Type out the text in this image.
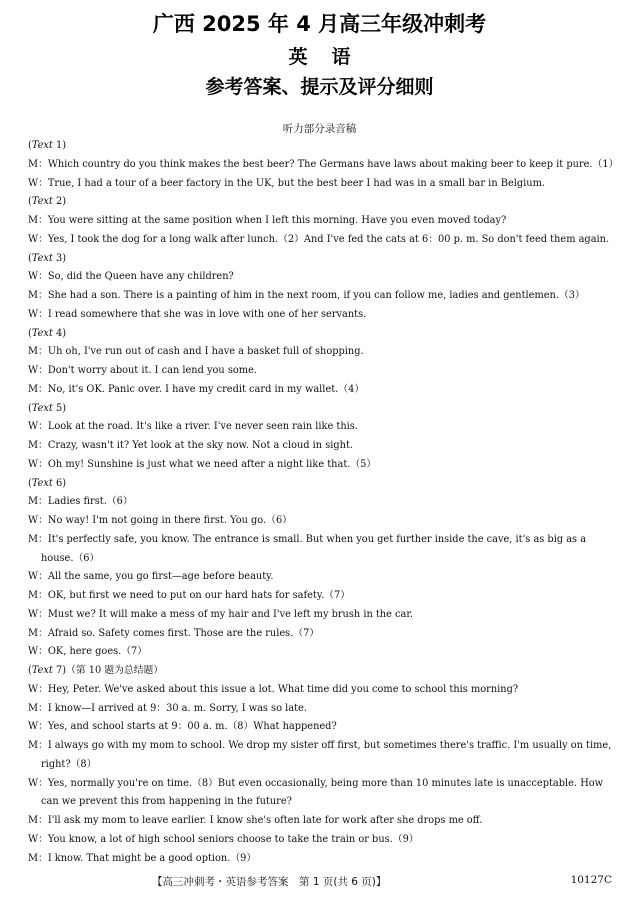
广西 2025 年 4 月高三年级冲刺考
英语
参考答案、提示及评分细则
听力部分录音稿
(Text 1)
M：Which country do you think makes the best beer? The Germans have laws about making beer to keep it pure.（1）
W：True, I had a tour of a beer factory in the UK, but the best beer I had was in a small bar in Belgium.
(Text 2)
M：You were sitting at the same position when I left this morning. Have you even moved today?
W：Yes, I took the dog for a long walk after lunch.（2）And I've fed the cats at 6：00 p. m. So don't feed them again.
(Text 3)
W：So, did the Queen have any children?
M：She had a son. There is a painting of him in the next room, if you can follow me, ladies and gentlemen.（3）
W：I read somewhere that she was in love with one of her servants.
(Text 4)
M：Uh oh, I've run out of cash and I have a basket full of shopping.
W：Don't worry about it. I can lend you some.
M：No, it's OK. Panic over. I have my credit card in my wallet.（4）
(Text 5)
W：Look at the road. It's like a river. I've never seen rain like this.
M：Crazy, wasn't it? Yet look at the sky now. Not a cloud in sight.
W：Oh my! Sunshine is just what we need after a night like that.（5）
(Text 6)
M：Ladies first.（6）
W：No way! I'm not going in there first. You go.（6）
M：It's perfectly safe, you know. The entrance is small. But when you get further inside the cave, it's as big as a house.（6）
W：All the same, you go first—age before beauty.
M：OK, but first we need to put on our hard hats for safety.（7）
W：Must we? It will make a mess of my hair and I've left my brush in the car.
M：Afraid so. Safety comes first. Those are the rules.（7）
W：OK, here goes.（7）
(Text 7)（第 10 题为总结题）
W：Hey, Peter. We've asked about this issue a lot. What time did you come to school this morning?
M：I know—I arrived at 9：30 a. m. Sorry, I was so late.
W：Yes, and school starts at 9：00 a. m.（8）What happened?
M：I always go with my mom to school. We drop my sister off first, but sometimes there's traffic. I'm usually on time, right?（8）
W：Yes, normally you're on time.（8）But even occasionally, being more than 10 minutes late is unacceptable. How can we prevent this from happening in the future?
M：I'll ask my mom to leave earlier. I know she's often late for work after she drops me off.
W：You know, a lot of high school seniors choose to take the train or bus.（9）
M：I know. That might be a good option.（9）
【高三冲刺考・英语参考答案　第 1 页(共 6 页)】	10127C
